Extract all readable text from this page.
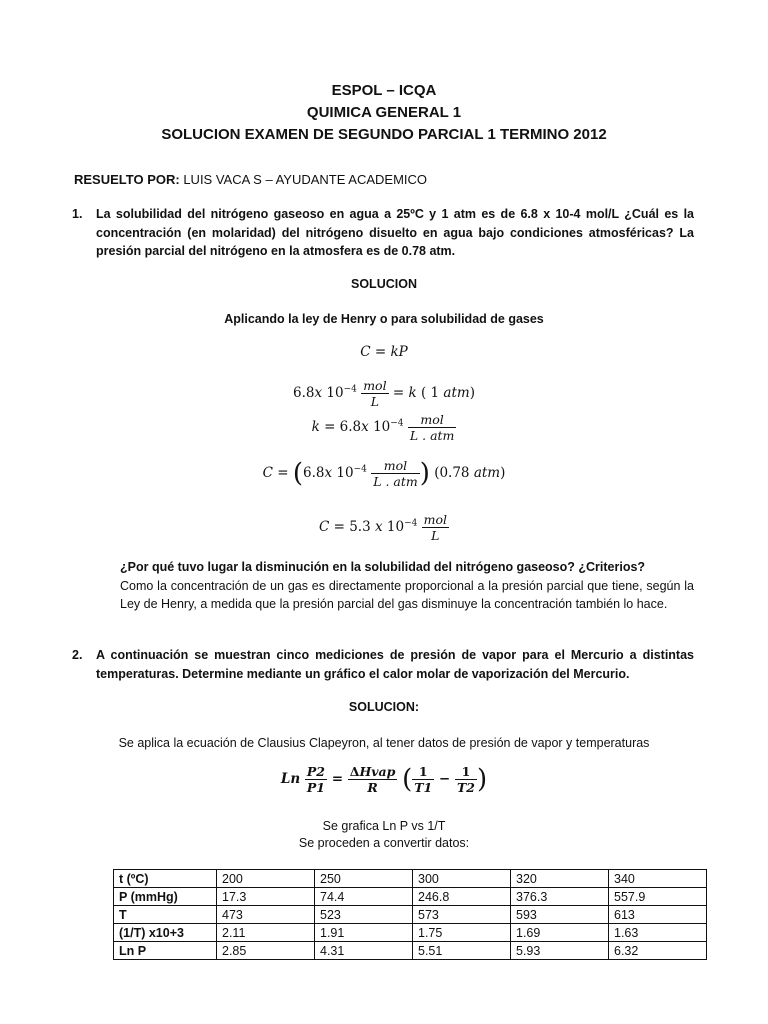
ESPOL – ICQA
QUIMICA GENERAL 1
SOLUCION EXAMEN DE SEGUNDO PARCIAL 1 TERMINO 2012
RESUELTO POR: LUIS VACA S – AYUDANTE ACADEMICO
1. La solubilidad del nitrógeno gaseoso en agua a 25ºC y 1 atm es de 6.8 x 10-4 mol/L ¿Cuál es la concentración (en molaridad) del nitrógeno disuelto en agua bajo condiciones atmosféricas? La presión parcial del nitrógeno en la atmosfera es de 0.78 atm.
SOLUCION
Aplicando la ley de Henry o para solubilidad de gases
C = kP
6.8x $10^{-4} \frac{\text{mol}}{L} = k$ ( 1 atm)
k = 6.8x $10^{-4} \frac{\text{mol}}{\text{L . atm}}$
C = (6.8x $10^{-4} \frac{\text{mol}}{\text{L . atm}}$ ) (0.78 atm)
C = 5.3 x $10^{-4} \frac{\text{mol}}{L}$
¿Por qué tuvo lugar la disminución en la solubilidad del nitrógeno gaseoso? ¿Criterios?
Como la concentración de un gas es directamente proporcional a la presión parcial que tiene, según la Ley de Henry, a medida que la presión parcial del gas disminuye la concentración también lo hace.
2. A continuación se muestran cinco mediciones de presión de vapor para el Mercurio a distintas temperaturas. Determine mediante un gráfico el calor molar de vaporización del Mercurio.
SOLUCION:
Se aplica la ecuación de Clausius Clapeyron, al tener datos de presión de vapor y temperaturas
Ln $\frac{P2}{P1} = \frac{\text{ΔHvap}}{R}$ ( $\frac{1}{T1} - \frac{1}{T2}$ )
Se grafica Ln P vs 1/T
Se proceden a convertir datos:
t (ºC)	200	250	300	320	340
P (mmHg)	17.3	74.4	246.8	376.3	557.9
T	473	523	573	593	613
(1/T) x10+3	2.11	1.91	1.75	1.69	1.63
Ln P	2.85	4.31	5.51	5.93	6.32
